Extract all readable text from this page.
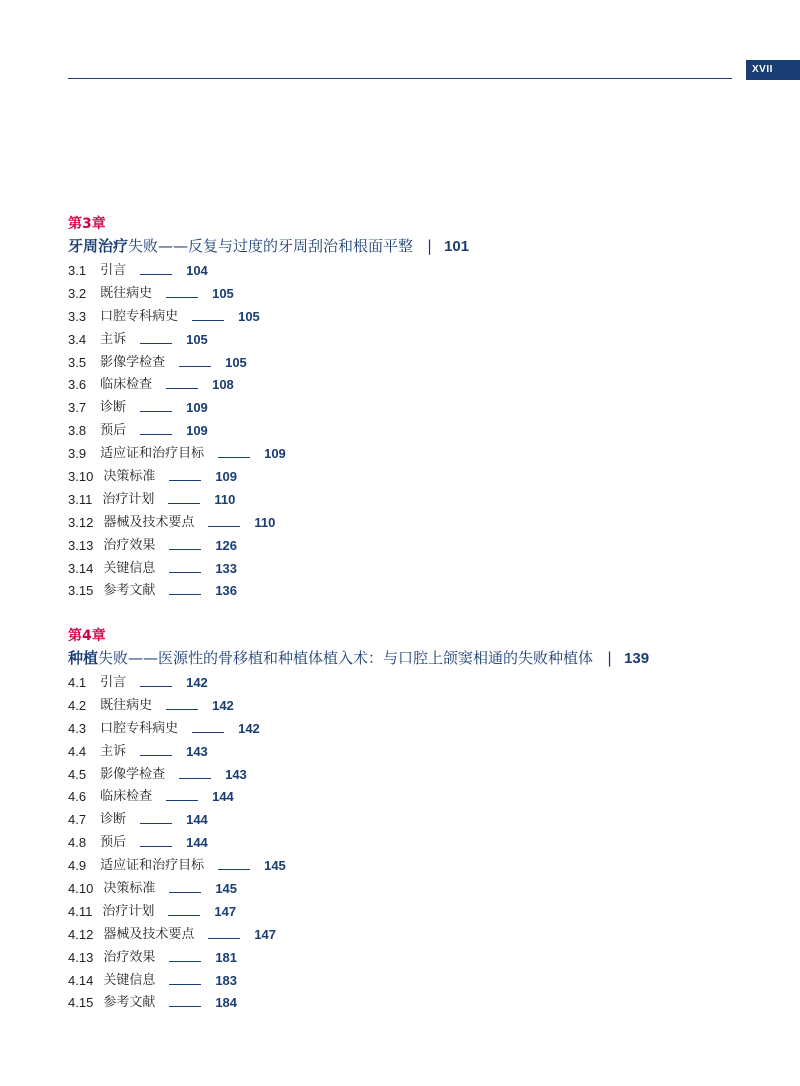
XVII
第3章
牙周治疗失败——反复与过度的牙周刮治和根面平整 | 101
3.1 引言	104
3.2 既往病史	105
3.3 口腔专科病史	105
3.4 主诉	105
3.5 影像学检查	105
3.6 临床检查	108
3.7 诊断	109
3.8 预后	109
3.9 适应证和治疗目标	109
3.10 决策标准	109
3.11 治疗计划	110
3.12 器械及技术要点	110
3.13 治疗效果	126
3.14 关键信息	133
3.15 参考文献	136
第4章
种植失败——医源性的骨移植和种植体植入术：与口腔上颌窦相通的失败种植体 | 139
4.1 引言	142
4.2 既往病史	142
4.3 口腔专科病史	142
4.4 主诉	143
4.5 影像学检查	143
4.6 临床检查	144
4.7 诊断	144
4.8 预后	144
4.9 适应证和治疗目标	145
4.10 决策标准	145
4.11 治疗计划	147
4.12 器械及技术要点	147
4.13 治疗效果	181
4.14 关键信息	183
4.15 参考文献	184
